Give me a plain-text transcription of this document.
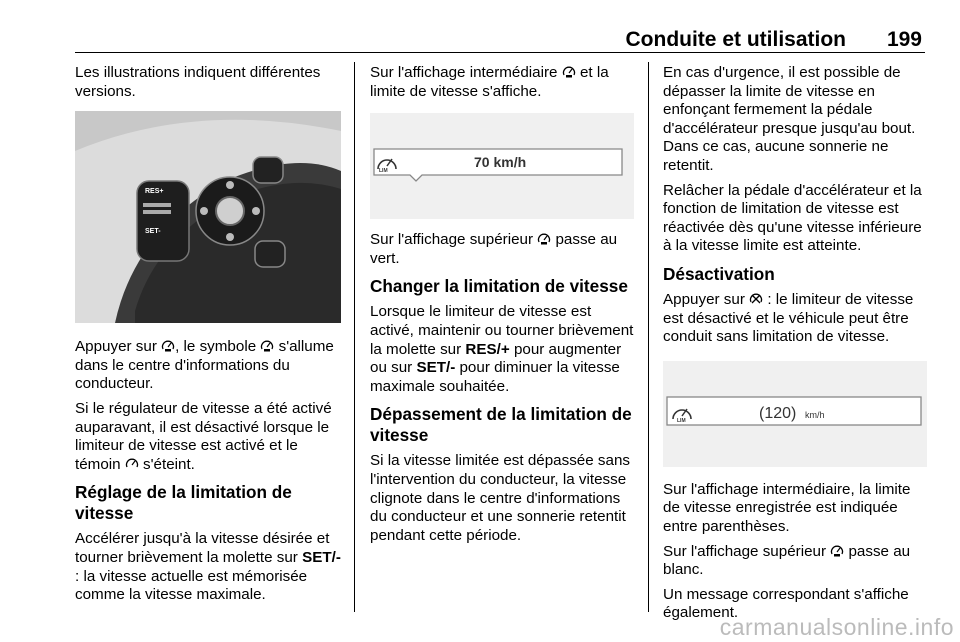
Conduite et utilisation 199

Les illustrations indiquent différentes versions.

RES+
SET-

Appuyer sur
, le symbole
s'allume dans le centre d'informations du conducteur.

Si le régulateur de vitesse a été activé auparavant, il est désactivé lorsque le limiteur de vitesse est activé et le témoin
s'éteint.

Réglage de la limitation de vitesse

Accélérer jusqu'à la vitesse désirée et tourner brièvement la molette sur SET/- : la vitesse actuelle est mémorisée comme la vitesse maximale.

Sur l'affichage intermédiaire
et la limite de vitesse s'affiche.

LIM
70 km/h

Sur l'affichage supérieur
passe au vert.

Changer la limitation de vitesse

Lorsque le limiteur de vitesse est activé, maintenir ou tourner brièvement la molette sur RES/+ pour augmenter ou sur SET/- pour diminuer la vitesse maximale souhaitée.

Dépassement de la limitation de vitesse

Si la vitesse limitée est dépassée sans l'intervention du conducteur, la vitesse clignote dans le centre d'informations du conducteur et une sonnerie retentit pendant cette période.

En cas d'urgence, il est possible de dépasser la limite de vitesse en enfonçant fermement la pédale d'accélérateur presque jusqu'au bout. Dans ce cas, aucune sonnerie ne retentit.

Relâcher la pédale d'accélérateur et la fonction de limitation de vitesse est réactivée dès qu'une vitesse inférieure à la vitesse limite est atteinte.

Désactivation

Appuyer sur
: le limiteur de vitesse est désactivé et le véhicule peut être conduit sans limitation de vitesse.

LIM	(120) km/h

Sur l'affichage intermédiaire, la limite de vitesse enregistrée est indiquée entre parenthèses.

Sur l'affichage supérieur
passe au blanc.

Un message correspondant s'affiche également.

carmanualsonline.info
